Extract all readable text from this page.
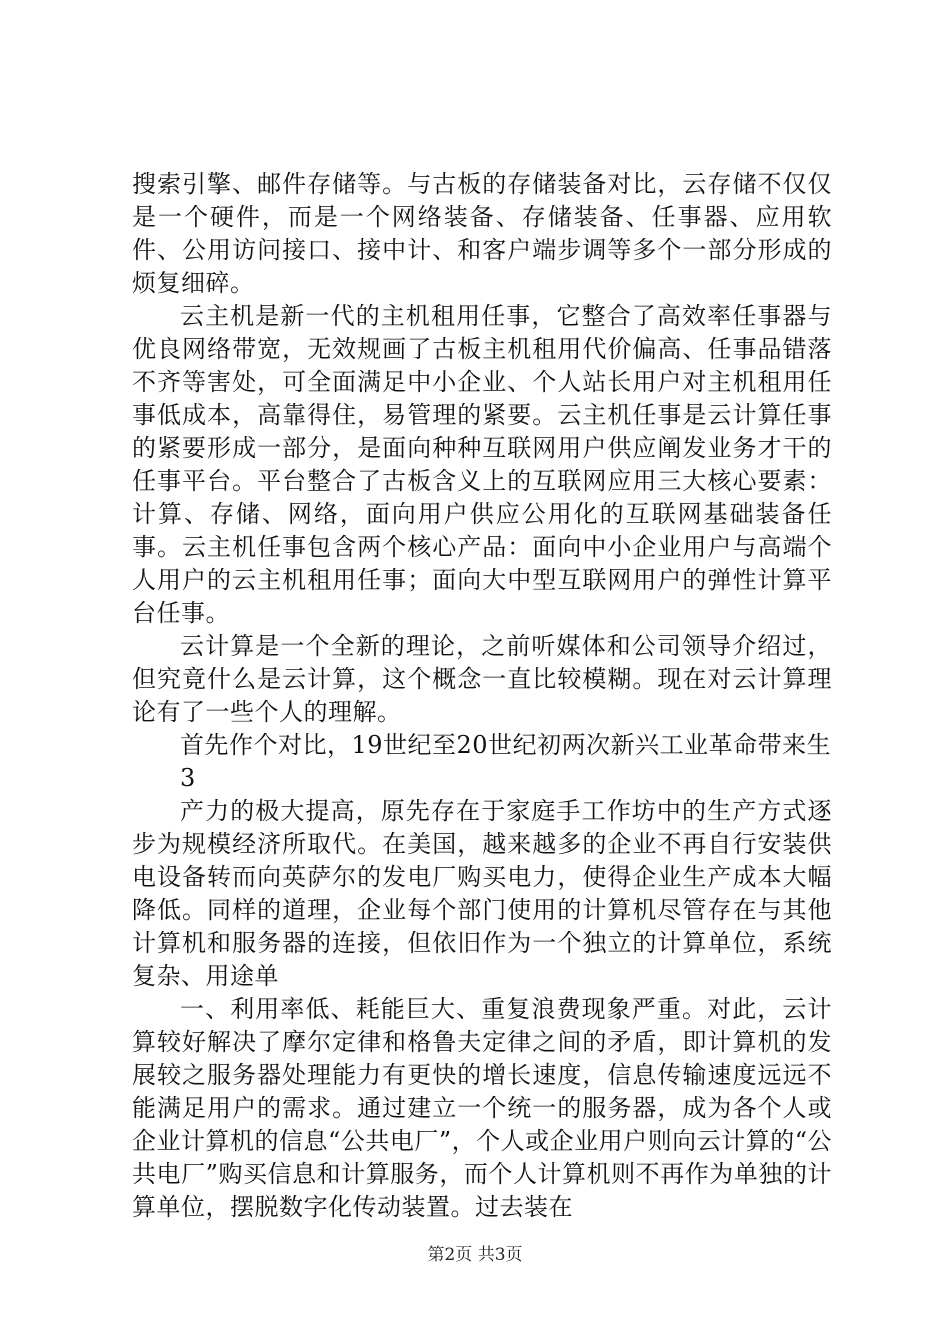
搜索引擎、邮件存储等。与古板的存储装备对比，云存储不仅仅是一个硬件，而是一个网络装备、存储装备、任事器、应用软件、公用访问接口、接中计、和客户端步调等多个一部分形成的烦复细碎。

云主机是新一代的主机租用任事，它整合了高效率任事器与优良网络带宽，无效规画了古板主机租用代价偏高、任事品错落不齐等害处，可全面满足中小企业、个人站长用户对主机租用任事低成本，高靠得住，易管理的紧要。云主机任事是云计算任事的紧要形成一部分，是面向种种互联网用户供应阐发业务才干的任事平台。平台整合了古板含义上的互联网应用三大核心要素：计算、存储、网络，面向用户供应公用化的互联网基础装备任事。云主机任事包含两个核心产品：面向中小企业用户与高端个人用户的云主机租用任事；面向大中型互联网用户的弹性计算平台任事。

云计算是一个全新的理论，之前听媒体和公司领导介绍过，但究竟什么是云计算，这个概念一直比较模糊。现在对云计算理论有了一些个人的理解。

首先作个对比，19世纪至20世纪初两次新兴工业革命带来生

3

产力的极大提高，原先存在于家庭手工作坊中的生产方式逐步为规模经济所取代。在美国，越来越多的企业不再自行安装供电设备转而向英萨尔的发电厂购买电力，使得企业生产成本大幅降低。同样的道理，企业每个部门使用的计算机尽管存在与其他计算机和服务器的连接，但依旧作为一个独立的计算单位，系统复杂、用途单

一、利用率低、耗能巨大、重复浪费现象严重。对此，云计算较好解决了摩尔定律和格鲁夫定律之间的矛盾，即计算机的发展较之服务器处理能力有更快的增长速度，信息传输速度远远不能满足用户的需求。通过建立一个统一的服务器，成为各个人或企业计算机的信息“公共电厂”，个人或企业用户则向云计算的“公共电厂”购买信息和计算服务，而个人计算机则不再作为单独的计算单位，摆脱数字化传动装置。过去装在

第2页 共3页
